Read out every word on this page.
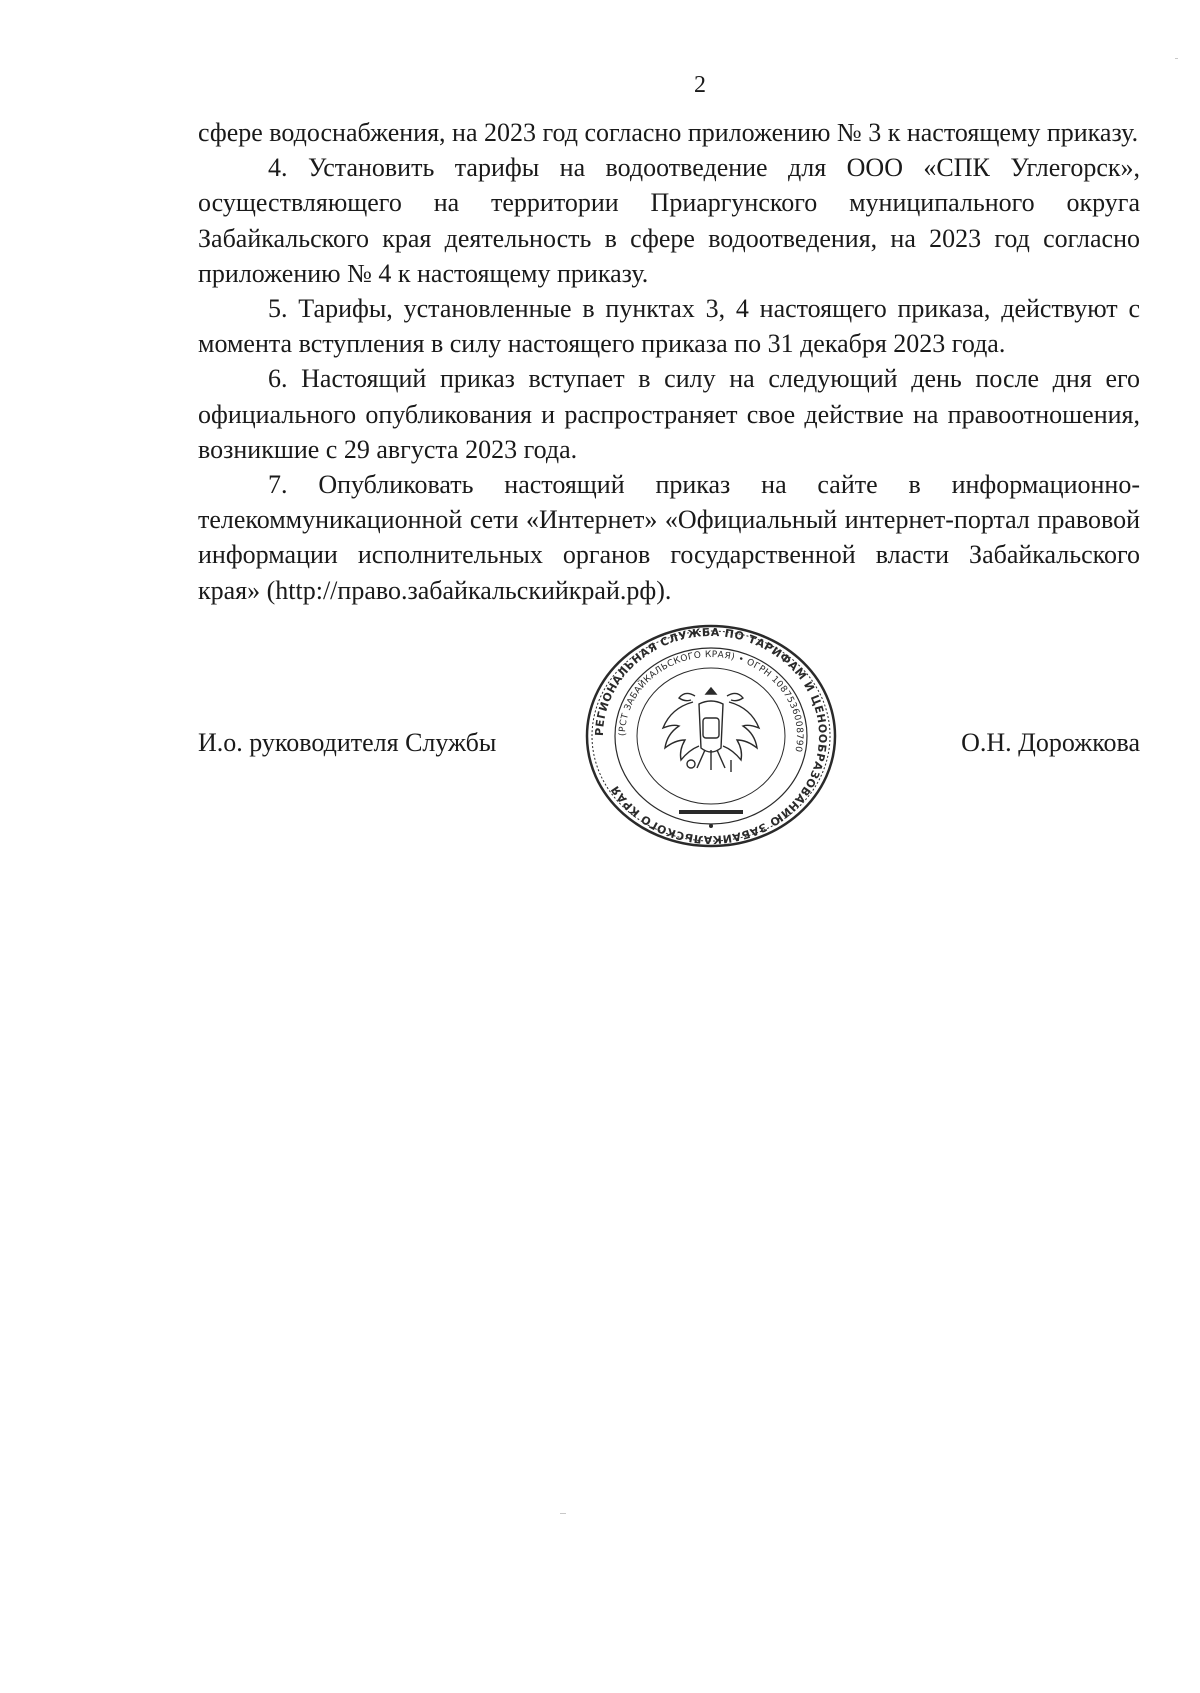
2

сфере водоснабжения, на 2023 год согласно приложению № 3 к настоящему приказу.

4. Установить тарифы на водоотведение для ООО «СПК Углегорск», осуществляющего на территории Приаргунского муниципального округа Забайкальского края деятельность в сфере водоотведения, на 2023 год согласно приложению № 4 к настоящему приказу.

5. Тарифы, установленные в пунктах 3, 4 настоящего приказа, действуют с момента вступления в силу настоящего приказа по 31 декабря 2023 года.

6. Настоящий приказ вступает в силу на следующий день после дня его официального опубликования и распространяет свое действие на правоотношения, возникшие с 29 августа 2023 года.

7. Опубликовать настоящий приказ на сайте в информационно-телекоммуникационной сети «Интернет» «Официальный интернет-портал правовой информации исполнительных органов государственной власти Забайкальского края» (http://право.забайкальскийкрай.рф).

РЕГИОНАЛЬНАЯ СЛУЖБА ПО ТАРИФАМ И ЦЕНООБРАЗОВАНИЮ ЗАБАЙКАЛЬСКОГО КРАЯ
(РСТ ЗАБАЙКАЛЬСКОГО КРАЯ) • ОГРН 1087536008790
И.о. руководителя Службы	О.Н. Дорожкова
